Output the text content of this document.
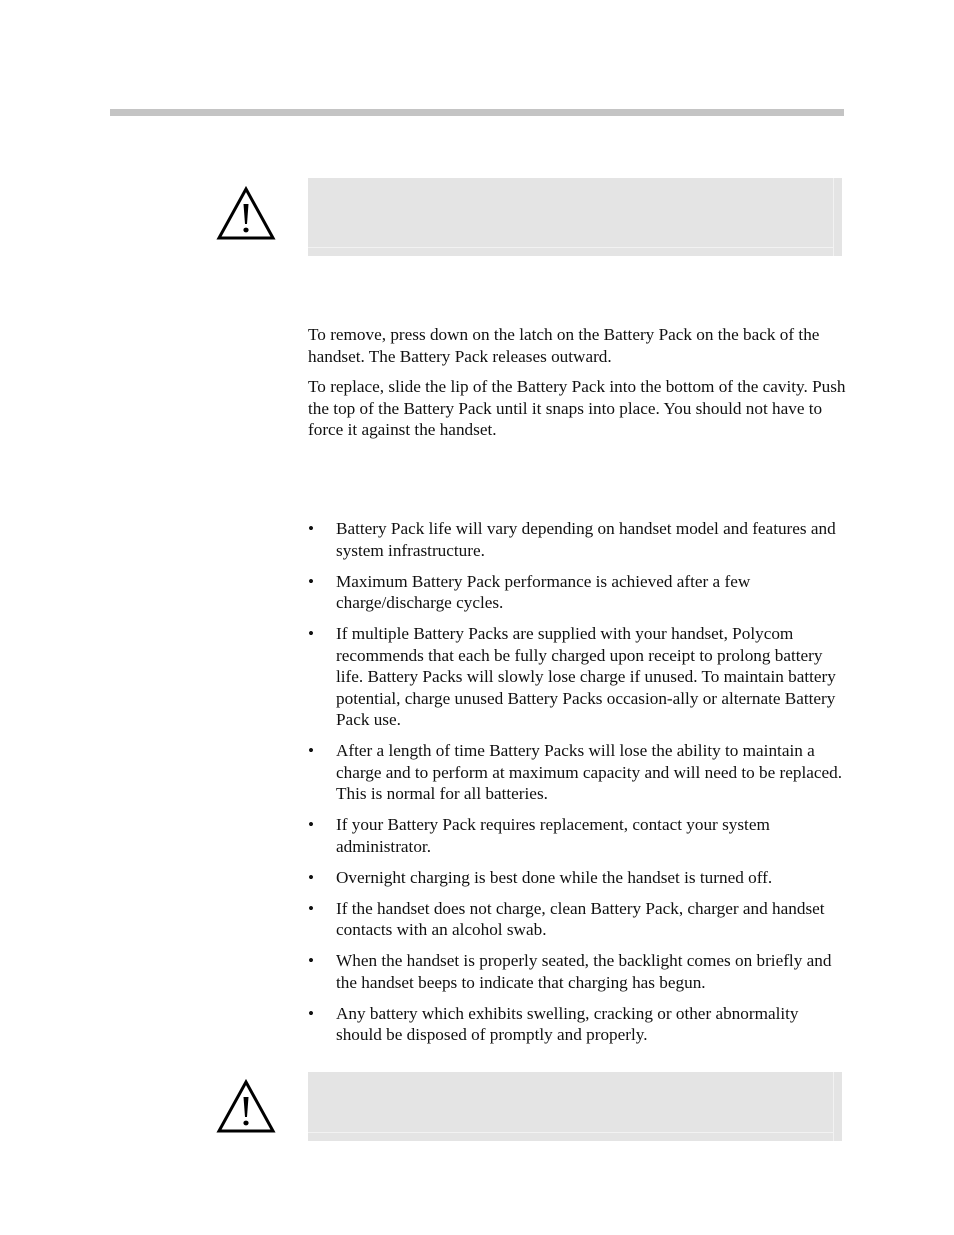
To remove, press down on the latch on the Battery Pack on the back of the handset. The Battery Pack releases outward.

To replace, slide the lip of the Battery Pack into the bottom of the cavity. Push the top of the Battery Pack until it snaps into place. You should not have to force it against the handset.

• Battery Pack life will vary depending on handset model and features and system infrastructure.
• Maximum Battery Pack performance is achieved after a few charge/discharge cycles.
• If multiple Battery Packs are supplied with your handset, Polycom recommends that each be fully charged upon receipt to prolong battery life. Battery Packs will slowly lose charge if unused. To maintain battery potential, charge unused Battery Packs occasion-ally or alternate Battery Pack use.
• After a length of time Battery Packs will lose the ability to maintain a charge and to perform at maximum capacity and will need to be replaced. This is normal for all batteries.
• If your Battery Pack requires replacement, contact your system administrator.
• Overnight charging is best done while the handset is turned off.
• If the handset does not charge, clean Battery Pack, charger and handset contacts with an alcohol swab.
• When the handset is properly seated, the backlight comes on briefly and the handset beeps to indicate that charging has begun.
• Any battery which exhibits swelling, cracking or other abnormality should be disposed of promptly and properly.
